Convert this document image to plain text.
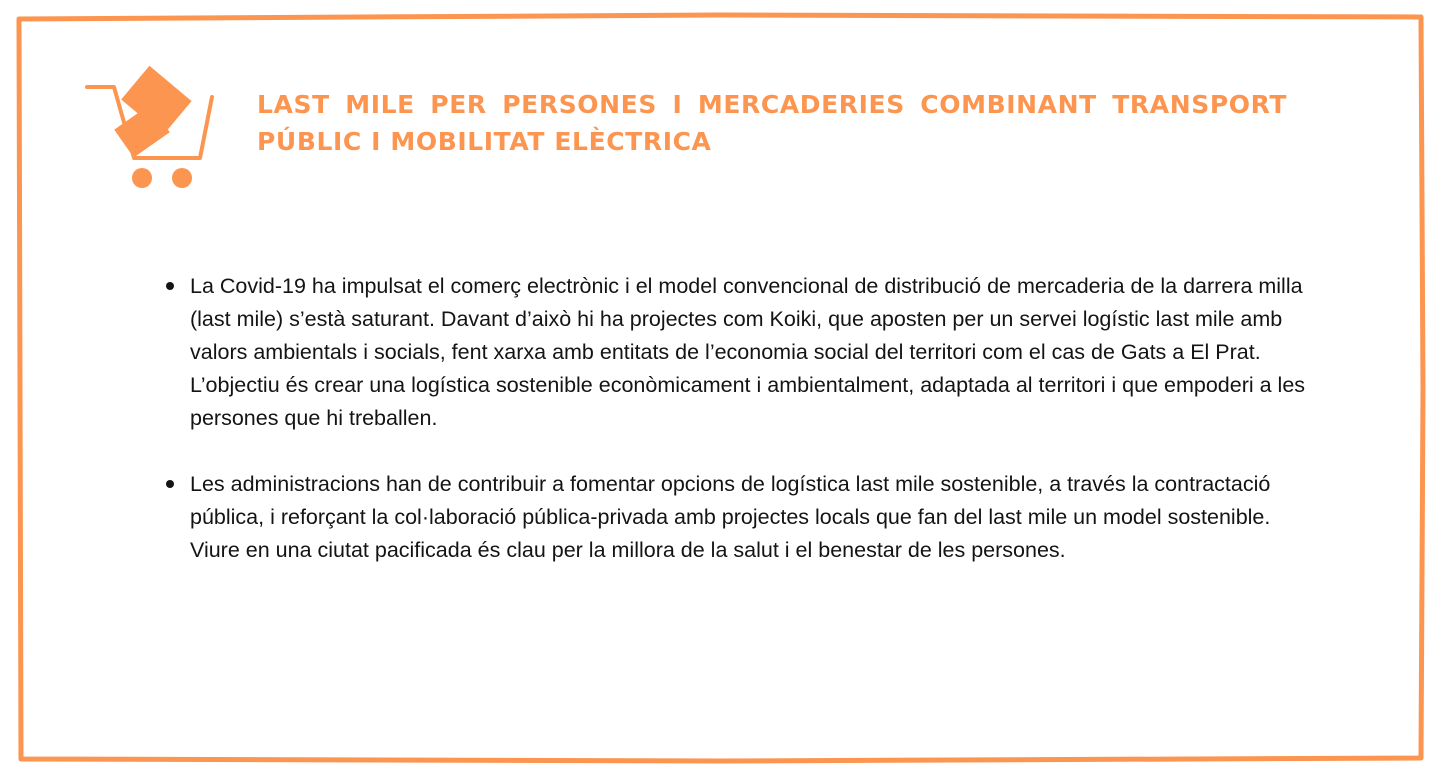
LAST MILE PER PERSONES I MERCADERIES COMBINANT TRANSPORT PÚBLIC I MOBILITAT ELÈCTRICA
La Covid-19 ha impulsat el comerç electrònic i el model convencional de distribució de mercaderia de la darrera milla (last mile) s’està saturant. Davant d’això hi ha projectes com Koiki, que aposten per un servei logístic last mile amb valors ambientals i socials, fent xarxa amb entitats de l’economia social del territori com el cas de Gats a El Prat. L’objectiu és crear una logística sostenible econòmicament i ambientalment, adaptada al territori i que empoderi a les persones que hi treballen.
Les administracions han de contribuir a fomentar opcions de logística last mile sostenible, a través la contractació pública, i reforçant la col·laboració pública-privada amb projectes locals que fan del last mile un model sostenible. Viure en una ciutat pacificada és clau per la millora de la salut i el benestar de les persones.
